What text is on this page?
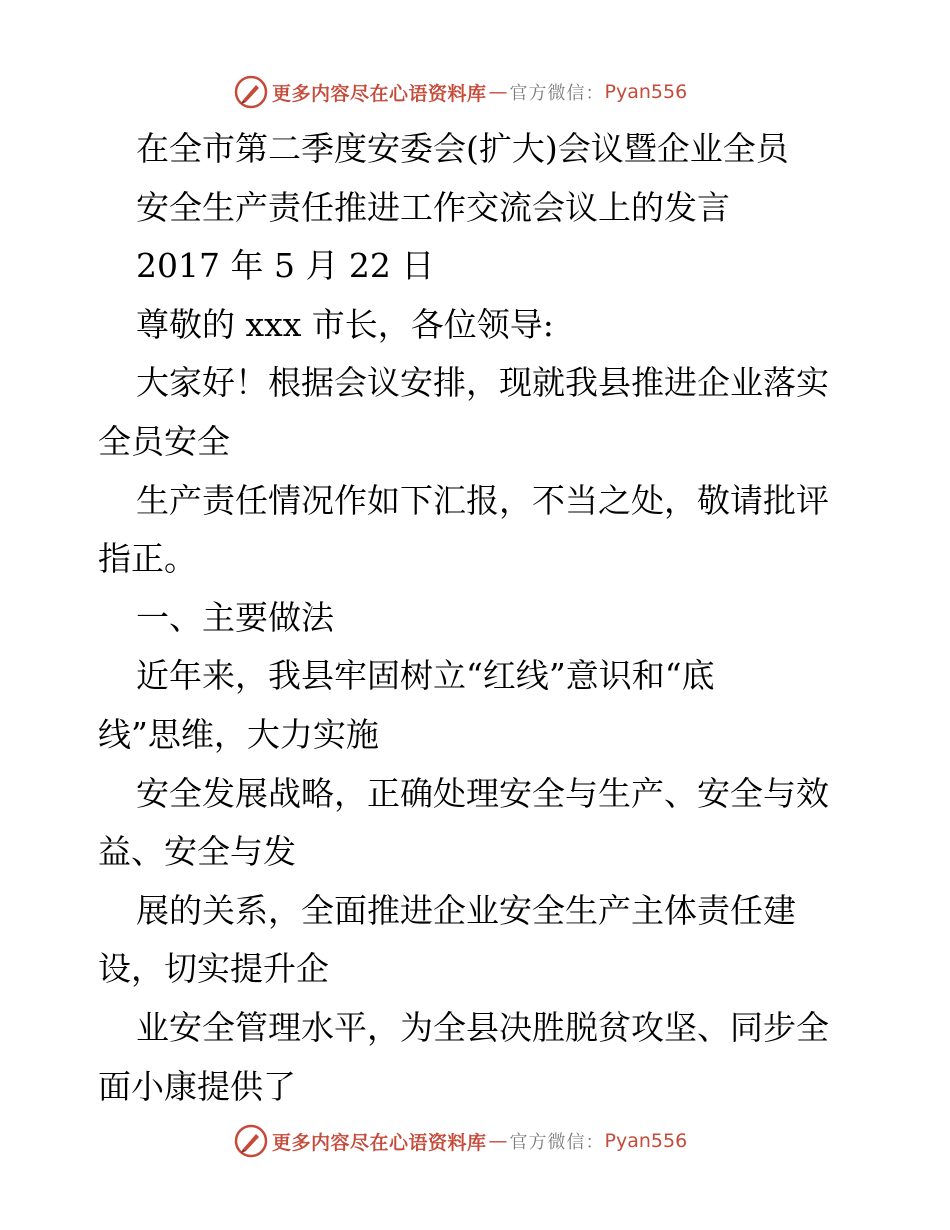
更多内容尽在心语资料库 — 官方微信： Pyan556
在全市第二季度安委会(扩大)会议暨企业全员
安全生产责任推进工作交流会议上的发言
2017 年 5 月 22 日
尊敬的 xxx 市长，各位领导:
大家好！根据会议安排，现就我县推进企业落实
全员安全
生产责任情况作如下汇报，不当之处，敬请批评
指正。
一、主要做法
近年来，我县牢固树立“红线”意识和“底
线”思维，大力实施
安全发展战略，正确处理安全与生产、安全与效
益、安全与发
展的关系，全面推进企业安全生产主体责任建
设，切实提升企
业安全管理水平，为全县决胜脱贫攻坚、同步全
面小康提供了
更多内容尽在心语资料库 — 官方微信： Pyan556
